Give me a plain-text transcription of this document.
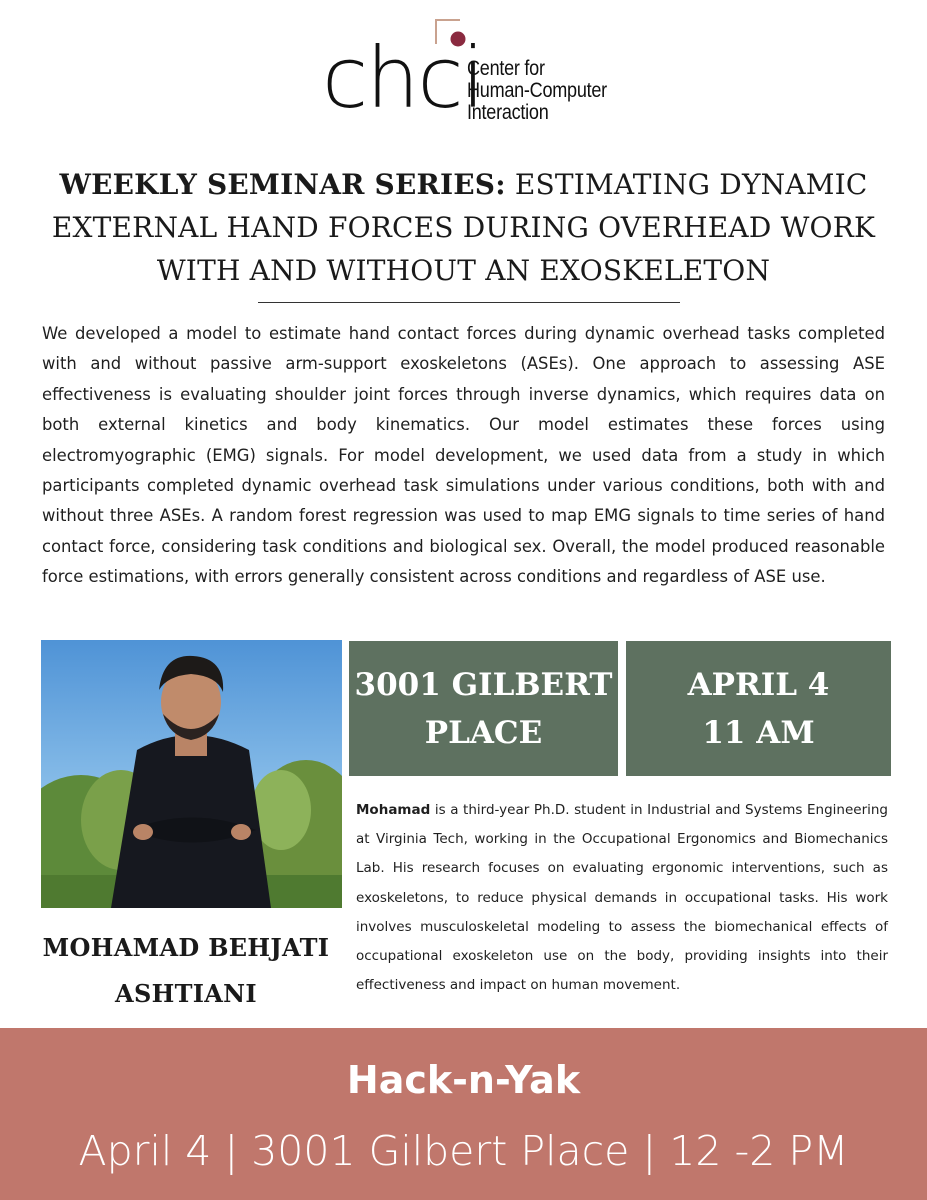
chci
Center for
Human-Computer
Interaction
WEEKLY SEMINAR SERIES: ESTIMATING DYNAMIC
EXTERNAL HAND FORCES DURING OVERHEAD WORK
WITH AND WITHOUT AN EXOSKELETON
We developed a model to estimate hand contact forces during dynamic overhead tasks completed with and without passive arm-support exoskeletons (ASEs). One approach to assessing ASE effectiveness is evaluating shoulder joint forces through inverse dynamics, which requires data on both external kinetics and body kinematics. Our model estimates these forces using electromyographic (EMG) signals. For model development, we used data from a study in which participants completed dynamic overhead task simulations under various conditions, both with and without three ASEs. A random forest regression was used to map EMG signals to time series of hand contact force, considering task conditions and biological sex. Overall, the model produced reasonable force estimations, with errors generally consistent across conditions and regardless of ASE use.
3001 GILBERT
PLACE
APRIL 4
11 AM
Mohamad is a third-year Ph.D. student in Industrial and Systems Engineering at Virginia Tech, working in the Occupational Ergonomics and Biomechanics Lab. His research focuses on evaluating ergonomic interventions, such as exoskeletons, to reduce physical demands in occupational tasks. His work involves musculoskeletal modeling to assess the biomechanical effects of occupational exoskeleton use on the body, providing insights into their effectiveness and impact on human movement.
MOHAMAD BEHJATI
ASHTIANI
Hack-n-Yak
April 4 | 3001 Gilbert Place | 12 -2 PM
